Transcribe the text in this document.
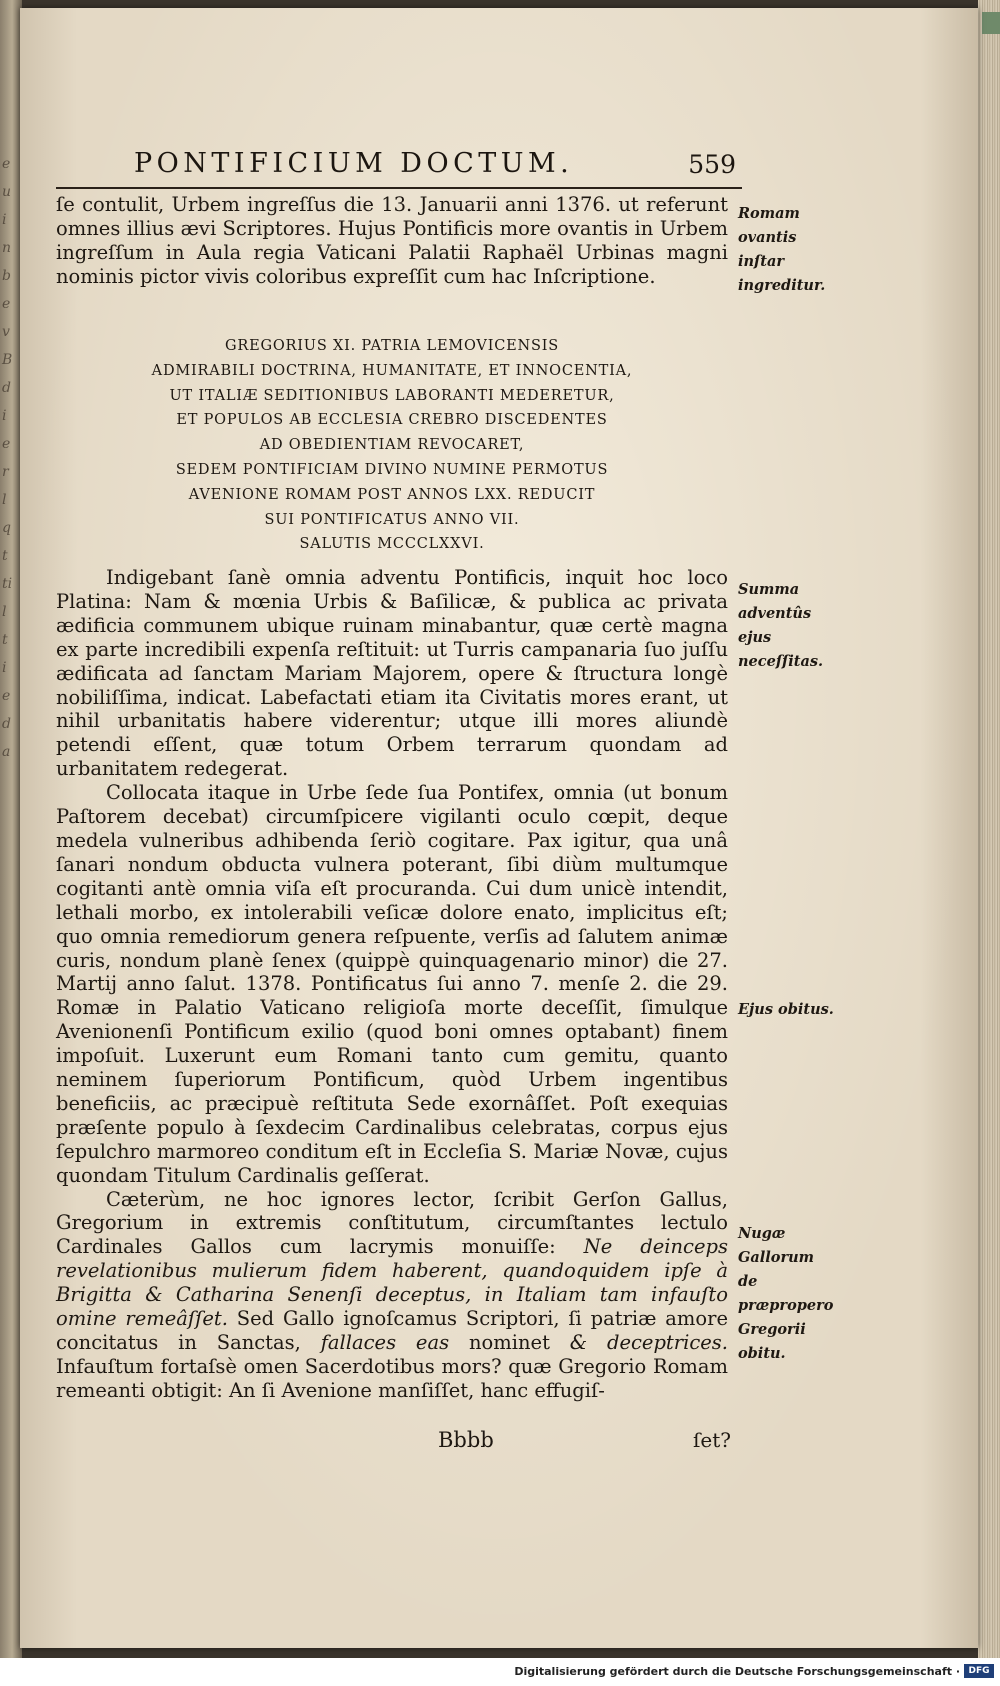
e
u
i
n
b
e
v
B
d
i
e
r
l
q
t
ti
l
t
i
e
d
a
PONTIFICIUM DOCTUM.	559

ſe contulit, Urbem ingreſſus die 13. Januarii anni 1376. ut referunt omnes illius ævi Scriptores. Hujus Pontificis more ovantis in Urbem ingreſſum in Aula regia Vaticani Palatii Raphaël Urbinas magni nominis pictor vivis coloribus expreſſit cum hac Inſcriptione.

GREGORIUS XI. PATRIA LEMOVICENSIS
ADMIRABILI DOCTRINA, HUMANITATE, ET INNOCENTIA,
UT ITALIÆ SEDITIONIBUS LABORANTI MEDERETUR,
ET POPULOS AB ECCLESIA CREBRO DISCEDENTES
AD OBEDIENTIAM REVOCARET,
SEDEM PONTIFICIAM DIVINO NUMINE PERMOTUS
AVENIONE ROMAM POST ANNOS LXX. REDUCIT
SUI PONTIFICATUS ANNO VII.
SALUTIS MCCCLXXVI.

Indigebant ſanè omnia adventu Pontificis, inquit hoc loco Platina: Nam & mœnia Urbis & Baſilicæ, & publica ac privata ædificia communem ubique ruinam minabantur, quæ certè magna ex parte incredibili expenſa reſtituit: ut Turris campanaria ſuo juſſu ædificata ad ſanctam Mariam Majorem, opere & ſtructura longè nobiliſſima, indicat. Labefactati etiam ita Civitatis mores erant, ut nihil urbanitatis habere viderentur; utque illi mores aliundè petendi eſſent, quæ totum Orbem terrarum quondam ad urbanitatem redegerat.

Collocata itaque in Urbe ſede ſua Pontifex, omnia (ut bonum Paſtorem decebat) circumſpicere vigilanti oculo cœpit, deque medela vulneribus adhibenda ſeriò cogitare. Pax igitur, qua unâ ſanari nondum obducta vulnera poterant, ſibi diùm multumque cogitanti antè omnia viſa eſt procuranda. Cui dum unicè intendit, lethali morbo, ex intolerabili veſicæ dolore enato, implicitus eſt; quo omnia remediorum genera reſpuente, verſis ad ſalutem animæ curis, nondum planè ſenex (quippè quinquagenario minor) die 27. Martij anno ſalut. 1378. Pontificatus ſui anno 7. menſe 2. die 29. Romæ in Palatio Vaticano religioſa morte deceſſit, ſimulque Avenionenſi Pontificum exilio (quod boni omnes optabant) finem impoſuit. Luxerunt eum Romani tanto cum gemitu, quanto neminem ſuperiorum Pontificum, quòd Urbem ingentibus beneficiis, ac præcipuè reſtituta Sede exornâſſet. Poſt exequias præſente populo à ſexdecim Cardinalibus celebratas, corpus ejus ſepulchro marmoreo conditum eſt in Eccleſia S. Mariæ Novæ, cujus quondam Titulum Cardinalis geſſerat.

Cæterùm, ne hoc ignores lector, ſcribit Gerſon Gallus, Gregorium in extremis conſtitutum, circumſtantes lectulo Cardinales Gallos cum lacrymis monuiſſe: Ne deinceps revelationibus mulierum fidem haberent, quandoquidem ipſe à Brigitta & Catharina Senenſi deceptus, in Italiam tam infauſto omine remeâſſet. Sed Gallo ignoſcamus Scriptori, ſi patriæ amore concitatus in Sanctas, fallaces eas nominet & deceptrices. Infauſtum fortaſsè omen Sacerdotibus mors? quæ Gregorio Romam remeanti obtigit: An ſi Avenione manſiſſet, hanc effugiſ-

Romam ovantis inſtar ingreditur.
Summa adventûs ejus neceſſitas.
Ejus obitus.
Nugæ Gallorum de præpropero Gregorii obitu.
Bbbb	ſet?
Digitalisierung gefördert durch die Deutsche Forschungsgemeinschaft · DFG
